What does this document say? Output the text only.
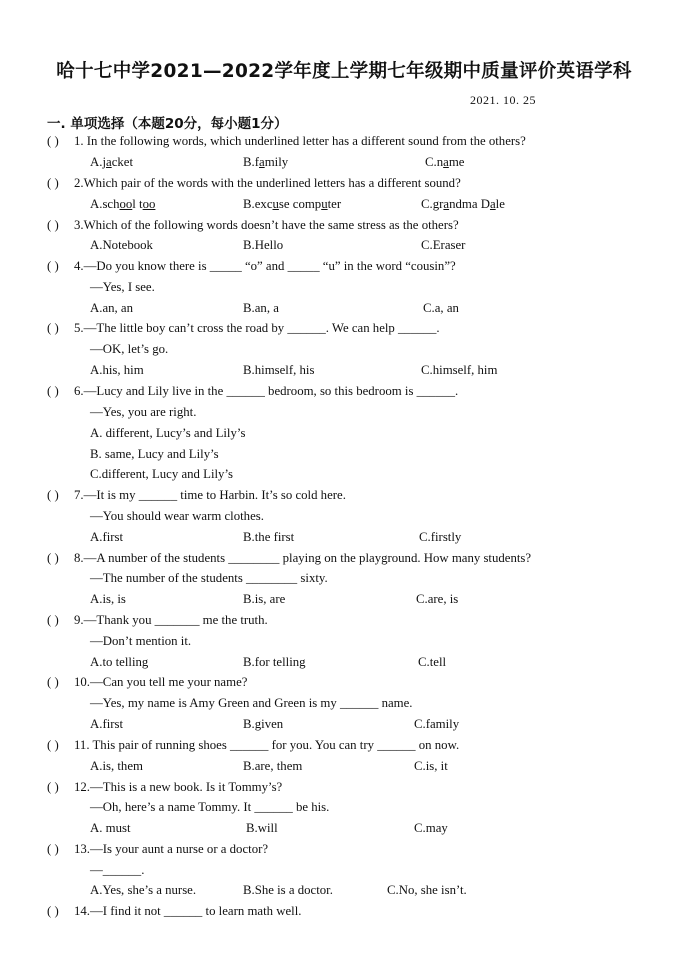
哈十七中学2021—2022学年度上学期七年级期中质量评价英语学科
2021. 10. 25
一. 单项选择（本题20分，每小题1分）
( ) 1. In the following words, which underlined letter has a different sound from the others?
A.jacket	B.family	C.name
( ) 2.Which pair of the words with the underlined letters has a different sound?
A.school too	B.excuse computer	C.grandma Dale
( ) 3.Which of the following words doesn’t have the same stress as the others?
A.Notebook	B.Hello	C.Eraser
( ) 4.—Do you know there is _____ “o” and _____ “u” in the word “cousin”?
—Yes, I see.
A.an, an	B.an, a	C.a, an
( ) 5.—The little boy can’t cross the road by ______. We can help ______.
—OK, let’s go.
A.his, him	B.himself, his	C.himself, him
( ) 6.—Lucy and Lily live in the ______ bedroom, so this bedroom is ______.
—Yes, you are right.
A. different, Lucy’s and Lily’s
B. same, Lucy and Lily’s
C.different, Lucy and Lily’s
( ) 7.—It is my ______ time to Harbin. It’s so cold here.
—You should wear warm clothes.
A.first	B.the first	C.firstly
( ) 8.—A number of the students ________ playing on the playground. How many students?
—The number of the students ________ sixty.
A.is, is	B.is, are	C.are, is
( ) 9.—Thank you _______ me the truth.
—Don’t mention it.
A.to telling	B.for telling	C.tell
( ) 10.—Can you tell me your name?
—Yes, my name is Amy Green and Green is my ______ name.
A.first	B.given	C.family
( ) 11. This pair of running shoes ______ for you. You can try ______ on now.
A.is, them	B.are, them	C.is, it
( ) 12.—This is a new book. Is it Tommy’s?
—Oh, here’s a name Tommy. It ______ be his.
A. must	B.will	C.may
( ) 13.—Is your aunt a nurse or a doctor?
—______.
A.Yes, she’s a nurse.	B.She is a doctor.	C.No, she isn’t.
( ) 14.—I find it not ______ to learn math well.
